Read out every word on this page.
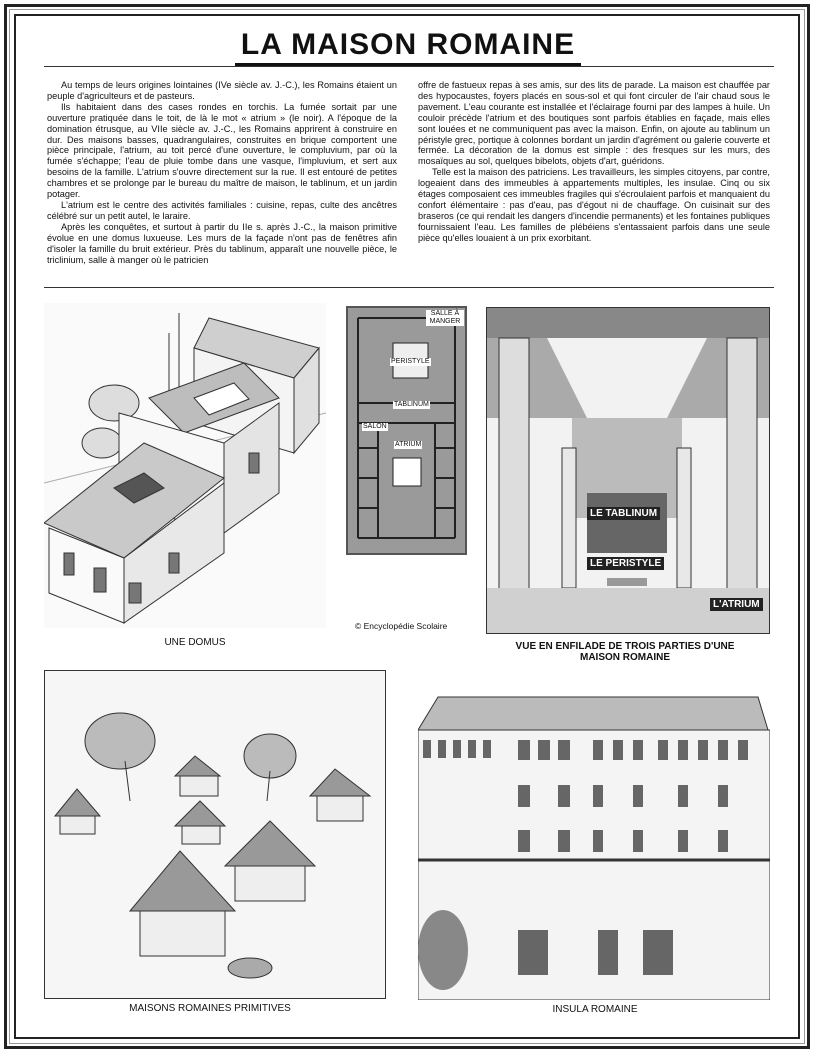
LA MAISON ROMAINE

Au temps de leurs origines lointaines (IVe siècle av. J.-C.), les Romains étaient un peuple d'agriculteurs et de pasteurs.

Ils habitaient dans des cases rondes en torchis. La fumée sortait par une ouverture pratiquée dans le toit, de là le mot « atrium » (le noir). A l'époque de la domination étrusque, au VIIe siècle av. J.-C., les Romains apprirent à construire en dur. Des maisons basses, quadrangulaires, construites en brique comportent une pièce principale, l'atrium, au toit percé d'une ouverture, le compluvium, par où la fumée s'échappe; l'eau de pluie tombe dans une vasque, l'impluvium, et sert aux besoins de la famille. L'atrium s'ouvre directement sur la rue. Il est entouré de petites chambres et se prolonge par le bureau du maître de maison, le tablinum, et un jardin potager.

L'atrium est le centre des activités familiales : cuisine, repas, culte des ancêtres célébré sur un petit autel, le laraire.

Après les conquêtes, et surtout à partir du IIe s. après J.-C., la maison primitive évolue en une domus luxueuse. Les murs de la façade n'ont pas de fenêtres afin d'isoler la famille du bruit extérieur. Près du tablinum, apparaît une nouvelle pièce, le triclinium, salle à manger où le patricien

offre de fastueux repas à ses amis, sur des lits de parade. La maison est chauffée par des hypocaustes, foyers placés en sous-sol et qui font circuler de l'air chaud sous le pavement. L'eau courante est installée et l'éclairage fourni par des lampes à huile. Un couloir précède l'atrium et des boutiques sont parfois établies en façade, mais elles sont louées et ne communiquent pas avec la maison. Enfin, on ajoute au tablinum un péristyle grec, portique à colonnes bordant un jardin d'agrément ou galerie couverte et fermée. La décoration de la domus est simple : des fresques sur les murs, des mosaïques au sol, quelques bibelots, objets d'art, guéridons.

Telle est la maison des patriciens. Les travailleurs, les simples citoyens, par contre, logeaient dans des immeubles à appartements multiples, les insulae. Cinq ou six étages composaient ces immeubles fragiles qui s'écroulaient parfois et manquaient du confort élémentaire : pas d'eau, pas d'égout ni de chauffage. On cuisinait sur des braseros (ce qui rendait les dangers d'incendie permanents) et les fontaines publiques fournissaient l'eau. Les familles de plébéiens s'entassaient parfois dans une seule pièce qu'elles louaient à un prix exorbitant.

UNE DOMUS
SALLE À MANGER
PERISTYLE
TABLINUM
SALON
ATRIUM
© Encyclopédie Scolaire
LE TABLINUM
LE PERISTYLE
L'ATRIUM
VUE EN ENFILADE DE TROIS PARTIES D'UNE MAISON ROMAINE
MAISONS ROMAINES PRIMITIVES	INSULA ROMAINE
